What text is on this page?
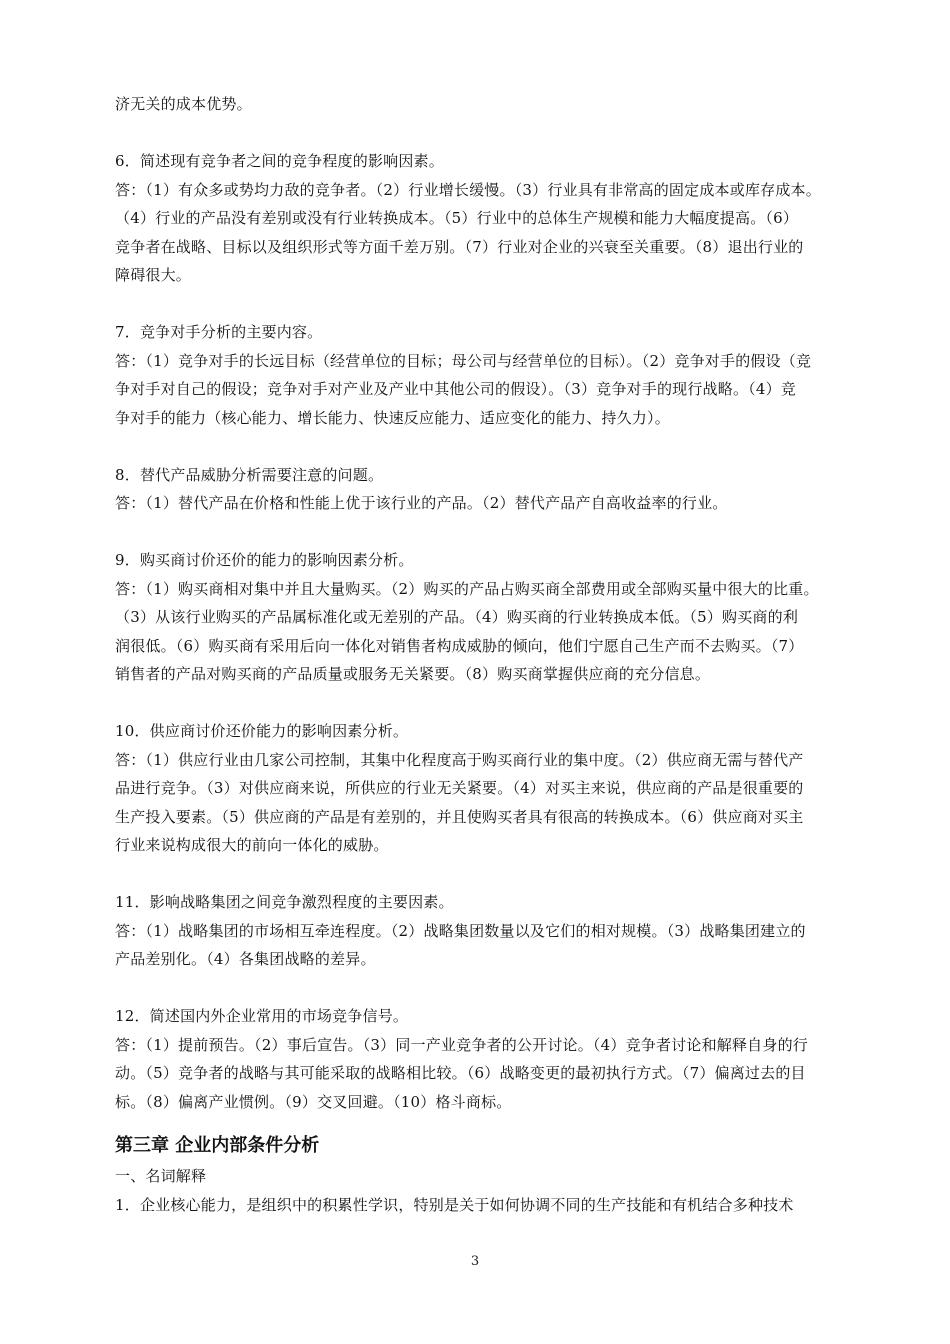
济无关的成本优势。
6．简述现有竞争者之间的竞争程度的影响因素。
答：（1）有众多或势均力敌的竞争者。（2）行业增长缓慢。（3）行业具有非常高的固定成本或库存成本。
（4）行业的产品没有差别或没有行业转换成本。（5）行业中的总体生产规模和能力大幅度提高。（6）
竞争者在战略、目标以及组织形式等方面千差万别。（7）行业对企业的兴衰至关重要。（8）退出行业的
障碍很大。
7．竞争对手分析的主要内容。
答：（1）竞争对手的长远目标（经营单位的目标；母公司与经营单位的目标）。（2）竞争对手的假设（竞
争对手对自己的假设；竞争对手对产业及产业中其他公司的假设）。（3）竞争对手的现行战略。（4）竞
争对手的能力（核心能力、增长能力、快速反应能力、适应变化的能力、持久力）。
8．替代产品威胁分析需要注意的问题。
答：（1）替代产品在价格和性能上优于该行业的产品。（2）替代产品产自高收益率的行业。
9．购买商讨价还价的能力的影响因素分析。
答：（1）购买商相对集中并且大量购买。（2）购买的产品占购买商全部费用或全部购买量中很大的比重。
（3）从该行业购买的产品属标准化或无差别的产品。（4）购买商的行业转换成本低。（5）购买商的利
润很低。（6）购买商有采用后向一体化对销售者构成威胁的倾向，他们宁愿自己生产而不去购买。（7）
销售者的产品对购买商的产品质量或服务无关紧要。（8）购买商掌握供应商的充分信息。
10．供应商讨价还价能力的影响因素分析。
答：（1）供应行业由几家公司控制，其集中化程度高于购买商行业的集中度。（2）供应商无需与替代产
品进行竞争。（3）对供应商来说，所供应的行业无关紧要。（4）对买主来说，供应商的产品是很重要的
生产投入要素。（5）供应商的产品是有差别的，并且使购买者具有很高的转换成本。（6）供应商对买主
行业来说构成很大的前向一体化的威胁。
11．影响战略集团之间竞争激烈程度的主要因素。
答：（1）战略集团的市场相互牵连程度。（2）战略集团数量以及它们的相对规模。（3）战略集团建立的
产品差别化。（4）各集团战略的差异。
12．简述国内外企业常用的市场竞争信号。
答：（1）提前预告。（2）事后宣告。（3）同一产业竞争者的公开讨论。（4）竞争者讨论和解释自身的行
动。（5）竞争者的战略与其可能采取的战略相比较。（6）战略变更的最初执行方式。（7）偏离过去的目
标。（8）偏离产业惯例。（9）交叉回避。（10）格斗商标。
第三章 企业内部条件分析
一、名词解释
1．企业核心能力，是组织中的积累性学识，特别是关于如何协调不同的生产技能和有机结合多种技术
3
